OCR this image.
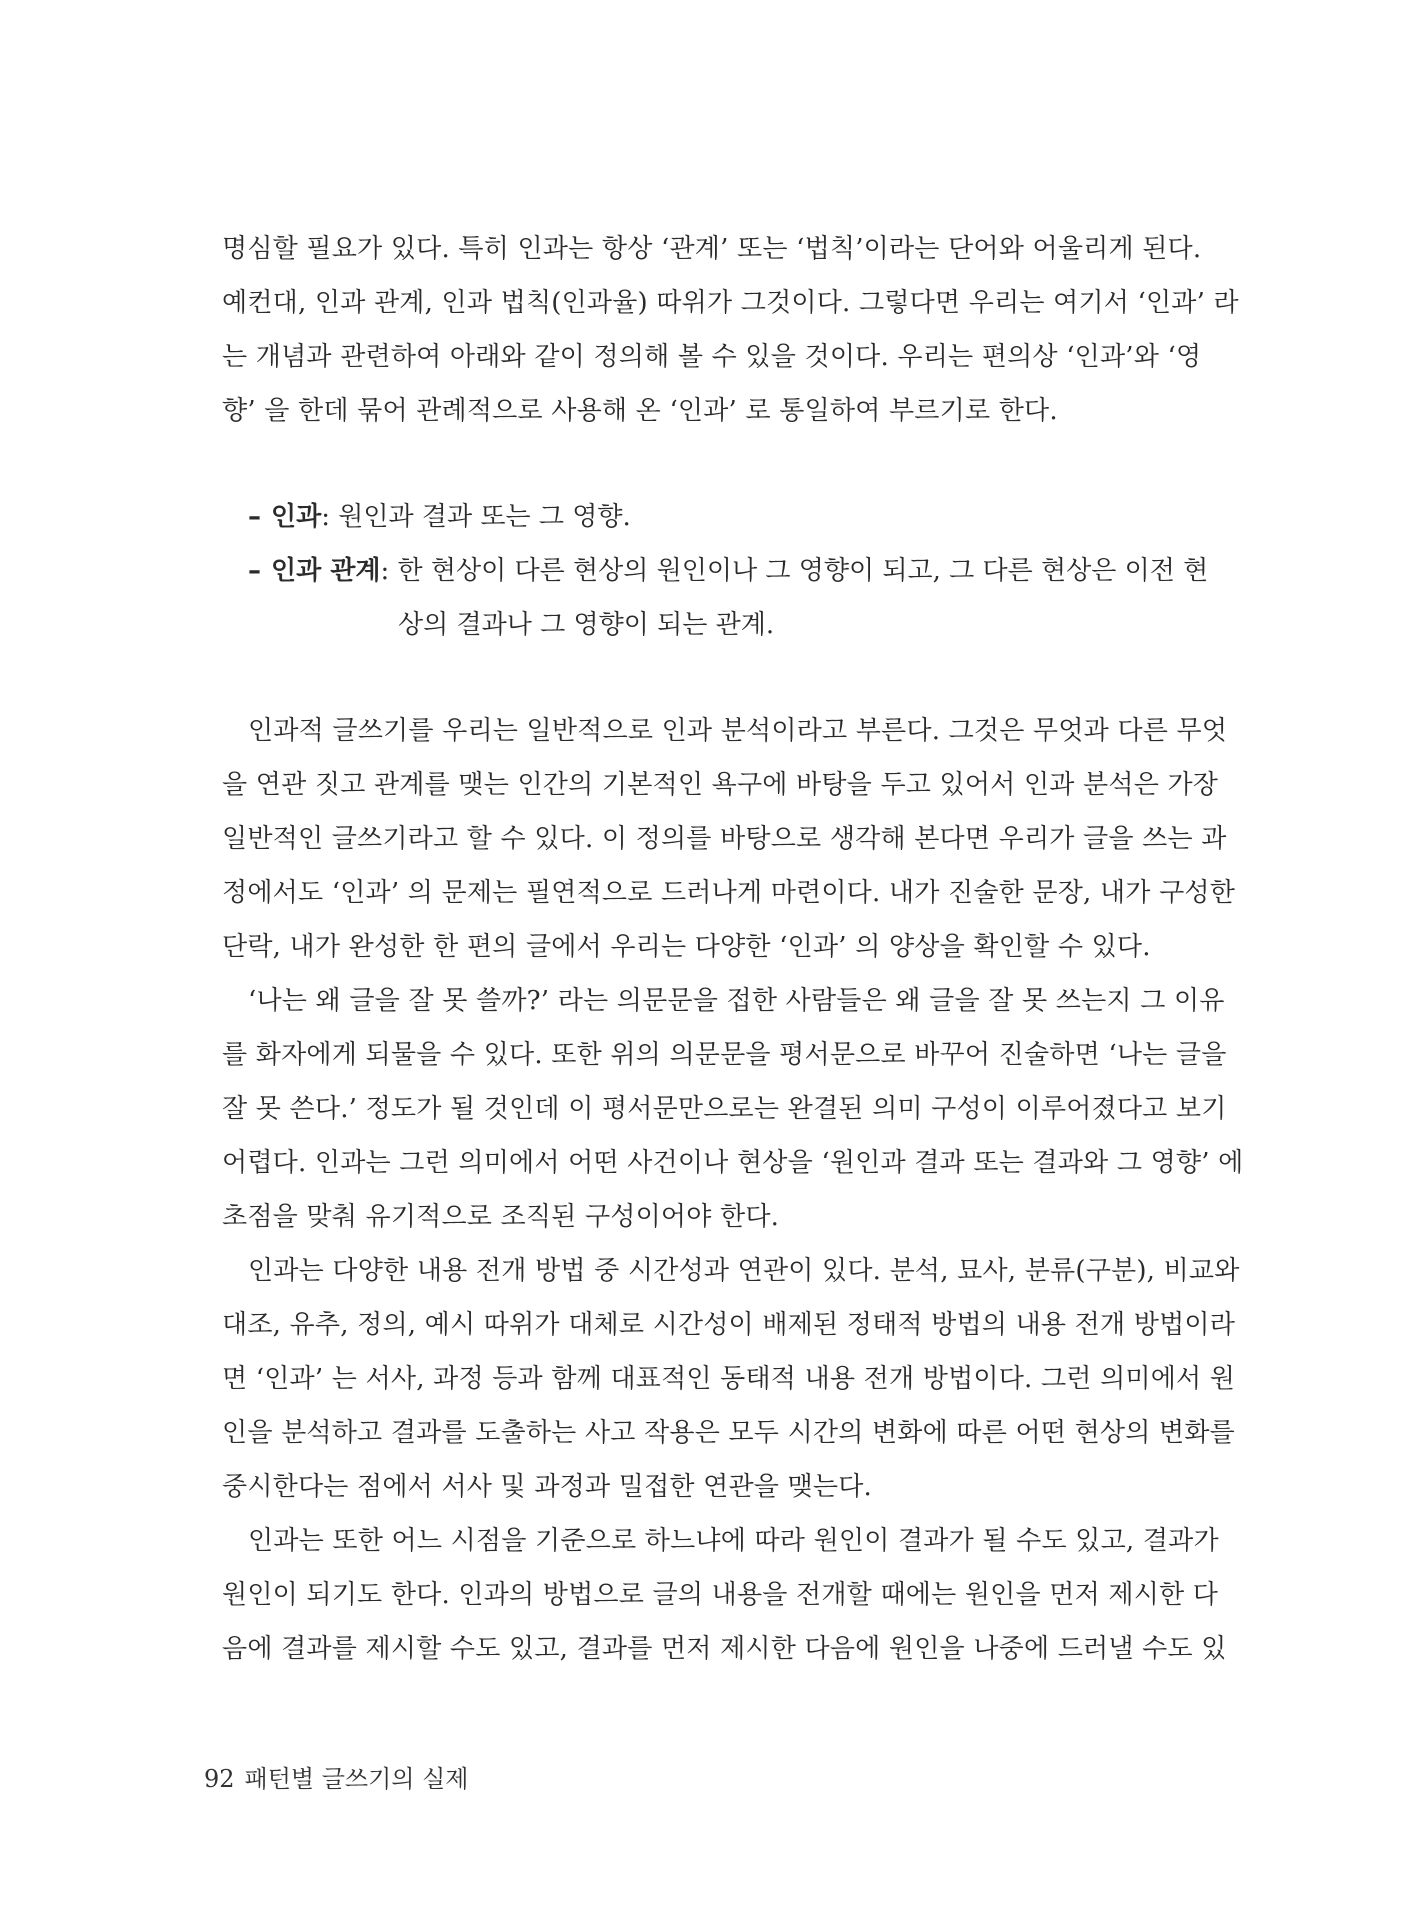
명심할 필요가 있다. 특히 인과는 항상 ‘관계’ 또는 ‘법칙’이라는 단어와 어울리게 된다.
예컨대, 인과 관계, 인과 법칙(인과율) 따위가 그것이다. 그렇다면 우리는 여기서 ‘인과’ 라
는 개념과 관련하여 아래와 같이 정의해 볼 수 있을 것이다. 우리는 편의상 ‘인과’와 ‘영
향’ 을 한데 묶어 관례적으로 사용해 온 ‘인과’ 로 통일하여 부르기로 한다.
– 인과: 원인과 결과 또는 그 영향.
– 인과 관계: 한 현상이 다른 현상의 원인이나 그 영향이 되고, 그 다른 현상은 이전 현
상의 결과나 그 영향이 되는 관계.
인과적 글쓰기를 우리는 일반적으로 인과 분석이라고 부른다. 그것은 무엇과 다른 무엇
을 연관 짓고 관계를 맺는 인간의 기본적인 욕구에 바탕을 두고 있어서 인과 분석은 가장
일반적인 글쓰기라고 할 수 있다. 이 정의를 바탕으로 생각해 본다면 우리가 글을 쓰는 과
정에서도 ‘인과’ 의 문제는 필연적으로 드러나게 마련이다. 내가 진술한 문장, 내가 구성한
단락, 내가 완성한 한 편의 글에서 우리는 다양한 ‘인과’ 의 양상을 확인할 수 있다.
‘나는 왜 글을 잘 못 쓸까?’ 라는 의문문을 접한 사람들은 왜 글을 잘 못 쓰는지 그 이유
를 화자에게 되물을 수 있다. 또한 위의 의문문을 평서문으로 바꾸어 진술하면 ‘나는 글을
잘 못 쓴다.’ 정도가 될 것인데 이 평서문만으로는 완결된 의미 구성이 이루어졌다고 보기
어렵다. 인과는 그런 의미에서 어떤 사건이나 현상을 ‘원인과 결과 또는 결과와 그 영향’ 에
초점을 맞춰 유기적으로 조직된 구성이어야 한다.
인과는 다양한 내용 전개 방법 중 시간성과 연관이 있다. 분석, 묘사, 분류(구분), 비교와
대조, 유추, 정의, 예시 따위가 대체로 시간성이 배제된 정태적 방법의 내용 전개 방법이라
면 ‘인과’ 는 서사, 과정 등과 함께 대표적인 동태적 내용 전개 방법이다. 그런 의미에서 원
인을 분석하고 결과를 도출하는 사고 작용은 모두 시간의 변화에 따른 어떤 현상의 변화를
중시한다는 점에서 서사 및 과정과 밀접한 연관을 맺는다.
인과는 또한 어느 시점을 기준으로 하느냐에 따라 원인이 결과가 될 수도 있고, 결과가
원인이 되기도 한다. 인과의 방법으로 글의 내용을 전개할 때에는 원인을 먼저 제시한 다
음에 결과를 제시할 수도 있고, 결과를 먼저 제시한 다음에 원인을 나중에 드러낼 수도 있
92 패턴별 글쓰기의 실제
